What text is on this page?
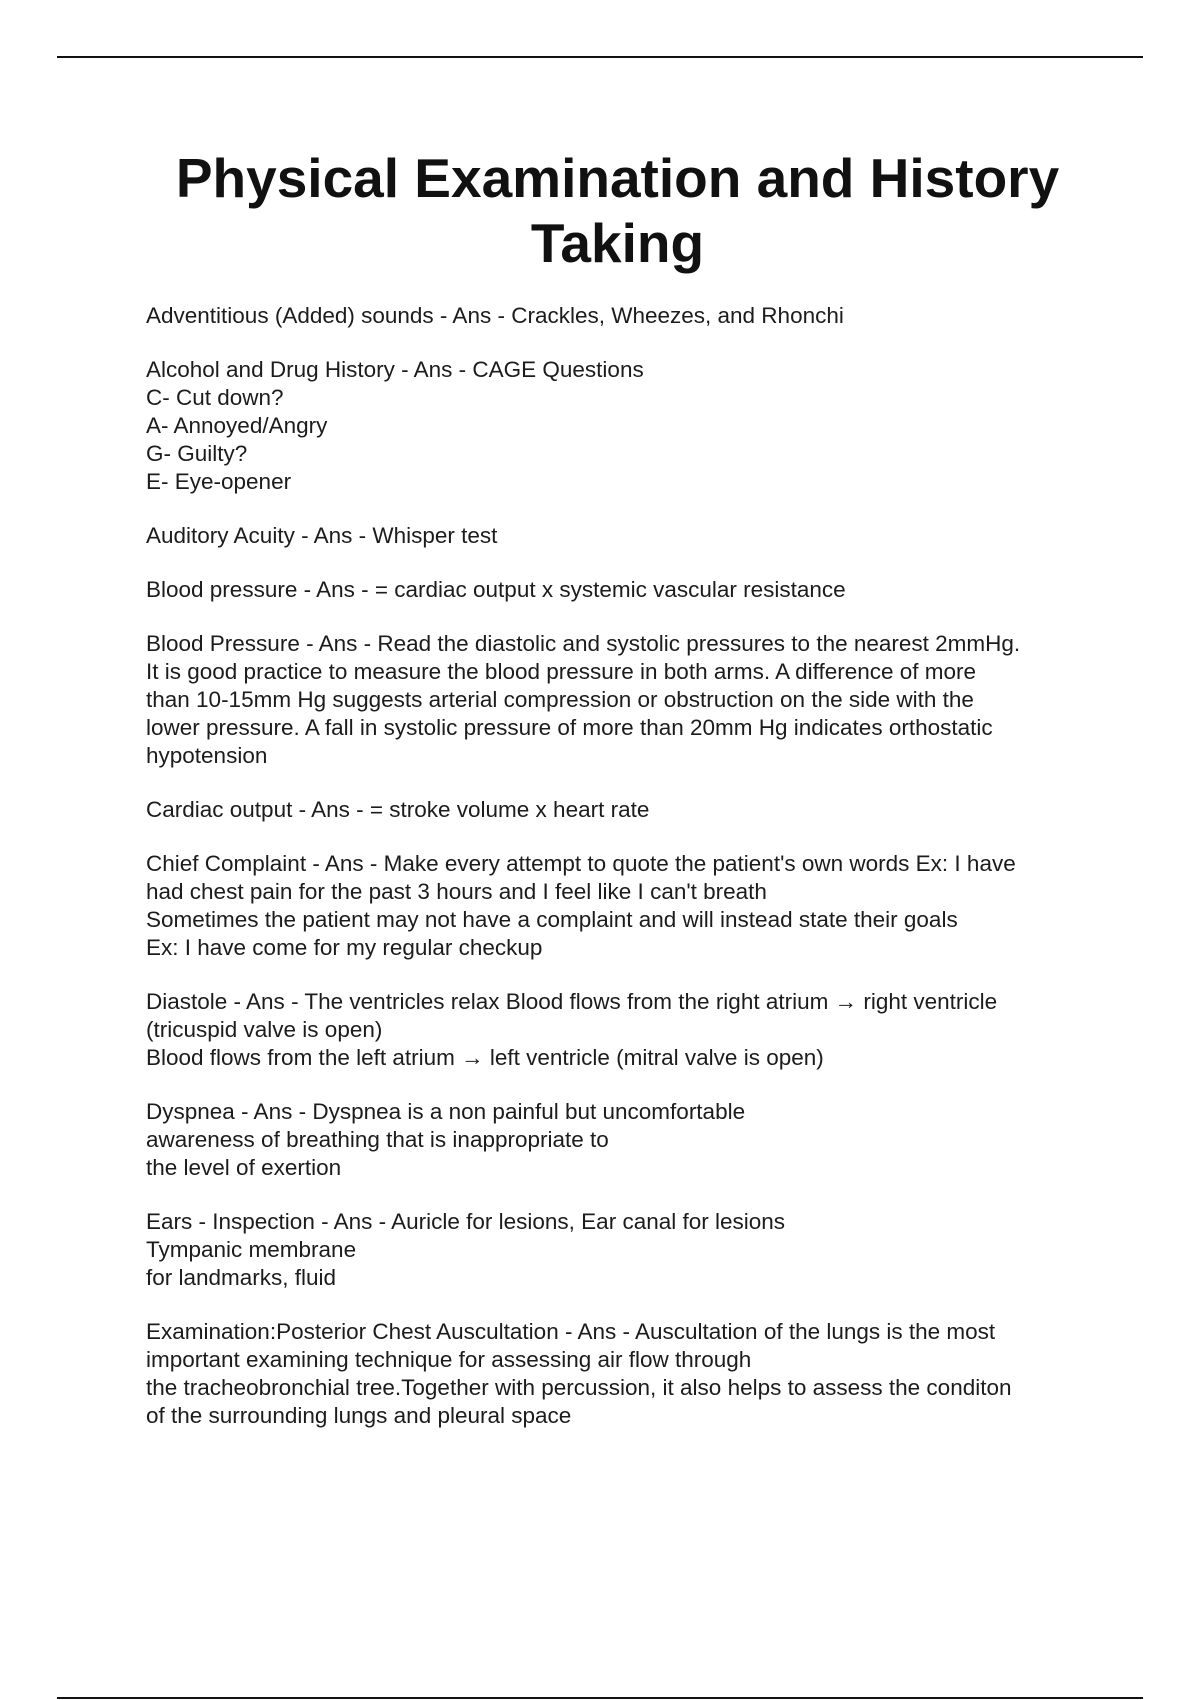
Physical Examination and History
Taking

Adventitious (Added) sounds - Ans - Crackles, Wheezes, and Rhonchi

Alcohol and Drug History - Ans - CAGE Questions
C- Cut down?
A- Annoyed/Angry
G- Guilty?
E- Eye-opener

Auditory Acuity - Ans - Whisper test

Blood pressure - Ans - = cardiac output x systemic vascular resistance

Blood Pressure - Ans - Read the diastolic and systolic pressures to the nearest 2mmHg.
It is good practice to measure the blood pressure in both arms. A difference of more
than 10-15mm Hg suggests arterial compression or obstruction on the side with the
lower pressure. A fall in systolic pressure of more than 20mm Hg indicates orthostatic
hypotension

Cardiac output - Ans - = stroke volume x heart rate

Chief Complaint - Ans - Make every attempt to quote the patient's own words Ex: I have
had chest pain for the past 3 hours and I feel like I can't breath
Sometimes the patient may not have a complaint and will instead state their goals
Ex: I have come for my regular checkup

Diastole - Ans - The ventricles relax Blood flows from the right atrium → right ventricle
(tricuspid valve is open)
Blood flows from the left atrium → left ventricle (mitral valve is open)

Dyspnea - Ans - Dyspnea is a non painful but uncomfortable
awareness of breathing that is inappropriate to
the level of exertion

Ears - Inspection - Ans - Auricle for lesions, Ear canal for lesions
Tympanic membrane
for landmarks, fluid

Examination:Posterior Chest Auscultation - Ans - Auscultation of the lungs is the most
important examining technique for assessing air flow through
the tracheobronchial tree.Together with percussion, it also helps to assess the conditon
of the surrounding lungs and pleural space
